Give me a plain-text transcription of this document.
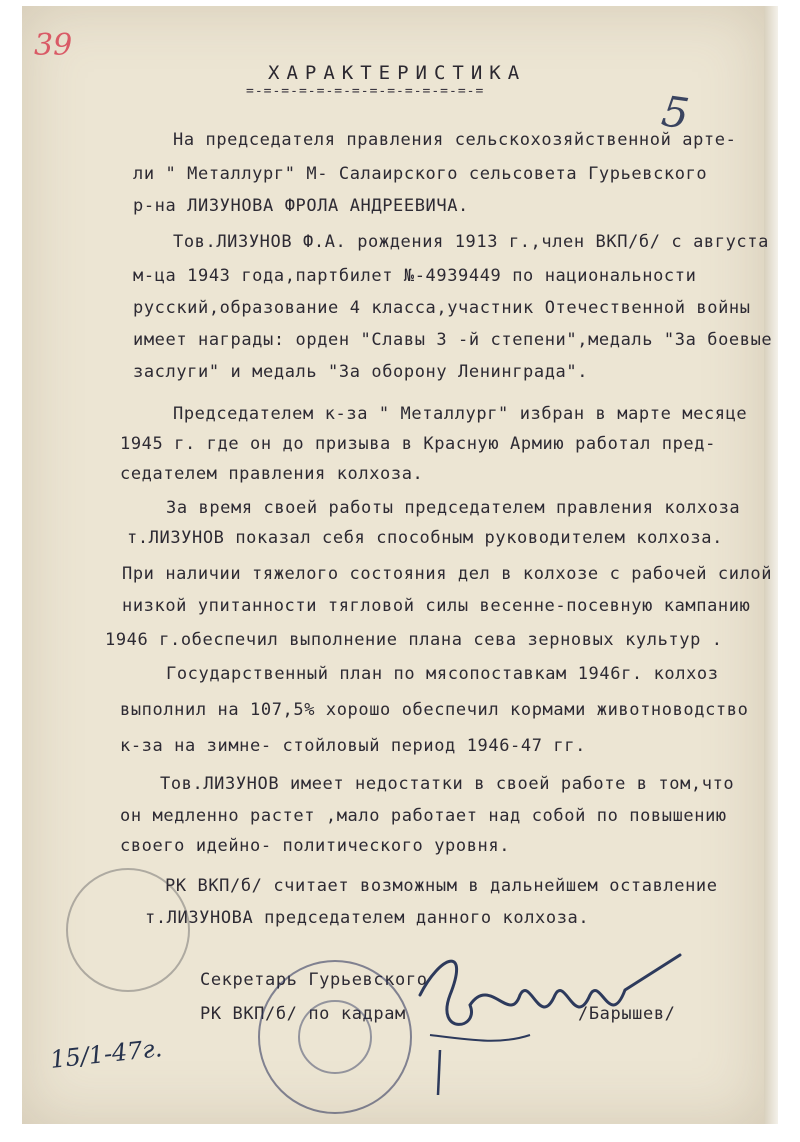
39
5
ХАРАКТЕРИСТИКА
=-=-=-=-=-=-=-=-=-=-=-=-=-=
На председателя правления сельскохозяйственной арте-
ли " Металлург" М- Салаирского сельсовета Гурьевского
р-на ЛИЗУНОВА ФРОЛА АНДРЕЕВИЧА.
Тов.ЛИЗУНОВ Ф.А. рождения 1913 г.,член ВКП/б/ с августа
м-ца 1943 года,партбилет №-4939449 по национальности
русский,образование 4 класса,участник Отечественной войны
имеет награды: орден "Славы 3 -й степени",медаль "За боевые
заслуги" и медаль "За оборону Ленинграда".
Председателем к-за " Металлург" избран в марте месяце
1945 г. где он до призыва в Красную Армию работал пред-
седателем правления колхоза.
За время своей работы председателем правления колхоза
т.ЛИЗУНОВ показал себя способным руководителем колхоза.
При наличии тяжелого состояния дел в колхозе с рабочей силой
низкой упитанности тягловой силы весенне-посевную кампанию
1946 г.обеспечил выполнение плана сева зерновых культур .
Государственный план по мясопоставкам 1946г. колхоз
выполнил на 107,5% хорошо обеспечил кормами животноводство
к-за на зимне- стойловый период 1946-47 гг.
Тов.ЛИЗУНОВ имеет недостатки в своей работе в том,что
он медленно растет ,мало работает над собой по повышению
своего идейно- политического уровня.
РК ВКП/б/ считает возможным в дальнейшем оставление
т.ЛИЗУНОВА председателем данного колхоза.
Секретарь Гурьевского
РК ВКП/б/ по кадрам	/Барышев/
15/1-47г.
